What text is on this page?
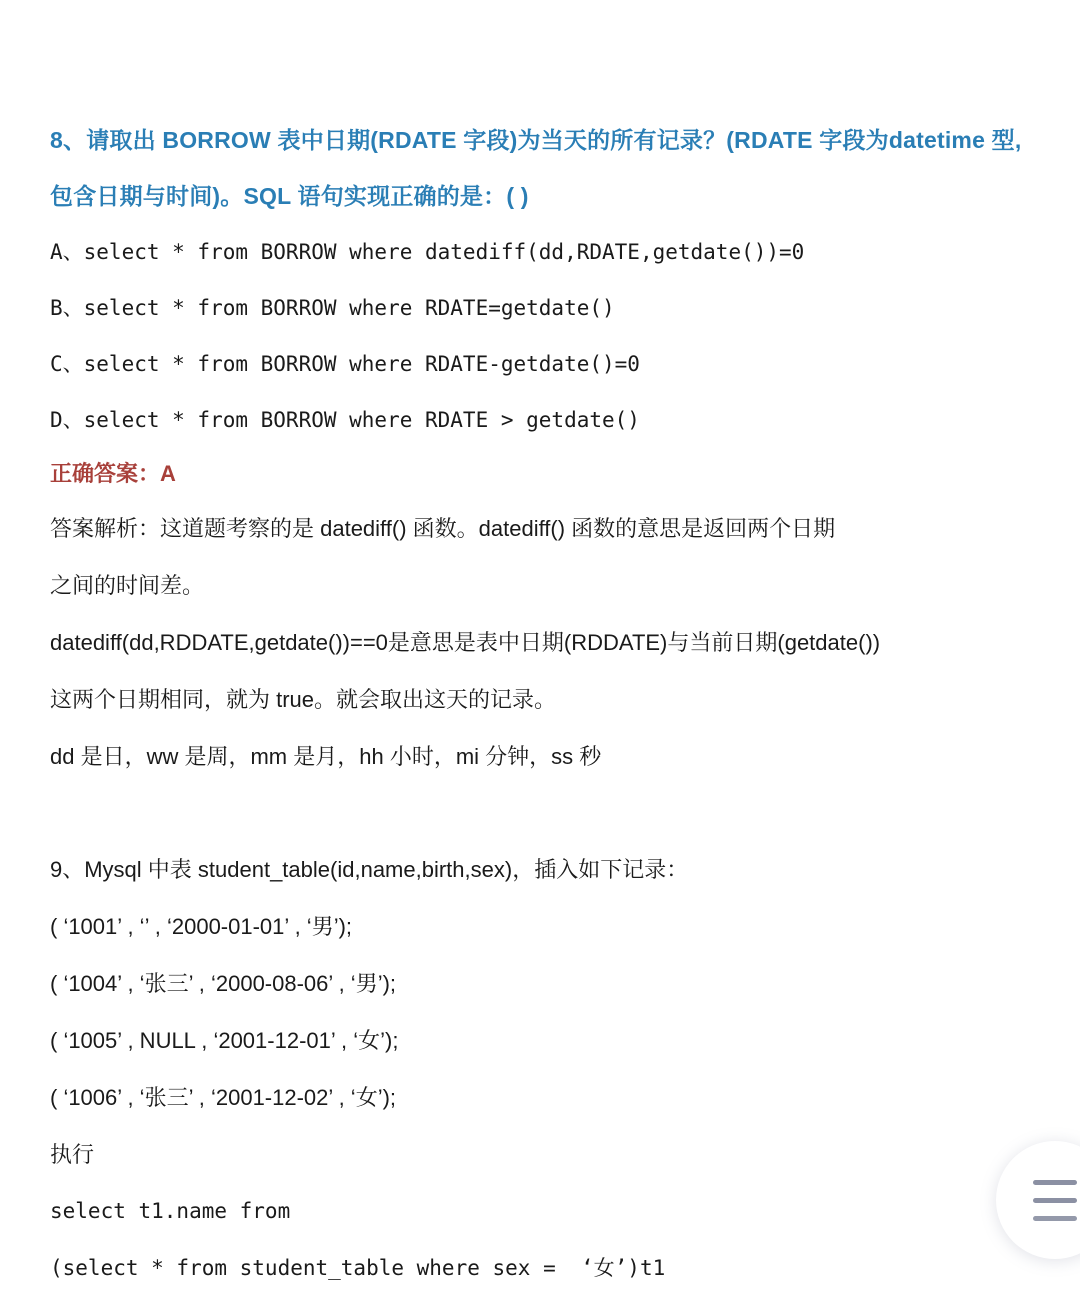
8、请取出 BORROW 表中日期(RDATE 字段)为当天的所有记录？(RDATE 字段为datetime 型,
包含日期与时间)。SQL 语句实现正确的是：( )
A、select * from BORROW where datediff(dd,RDATE,getdate())=0
B、select * from BORROW where RDATE=getdate()
C、select * from BORROW where RDATE-getdate()=0
D、select * from BORROW where RDATE > getdate()
正确答案：A
答案解析：这道题考察的是 datediff() 函数。datediff() 函数的意思是返回两个日期
之间的时间差。
datediff(dd,RDDATE,getdate())==0是意思是表中日期(RDDATE)与当前日期(getdate())
这两个日期相同，就为 true。就会取出这天的记录。
dd 是日，ww 是周，mm 是月，hh 小时，mi 分钟，ss 秒
9、Mysql 中表 student_table(id,name,birth,sex)，插入如下记录：
( ‘1001’ , ‘’ , ‘2000-01-01’ , ‘男’);
( ‘1004’ , ‘张三’ , ‘2000-08-06’ , ‘男’);
( ‘1005’ , NULL , ‘2001-12-01’ , ‘女’);
( ‘1006’ , ‘张三’ , ‘2001-12-02’ , ‘女’);
执行
select t1.name from
(select * from student_table where sex =  ‘女’)t1
